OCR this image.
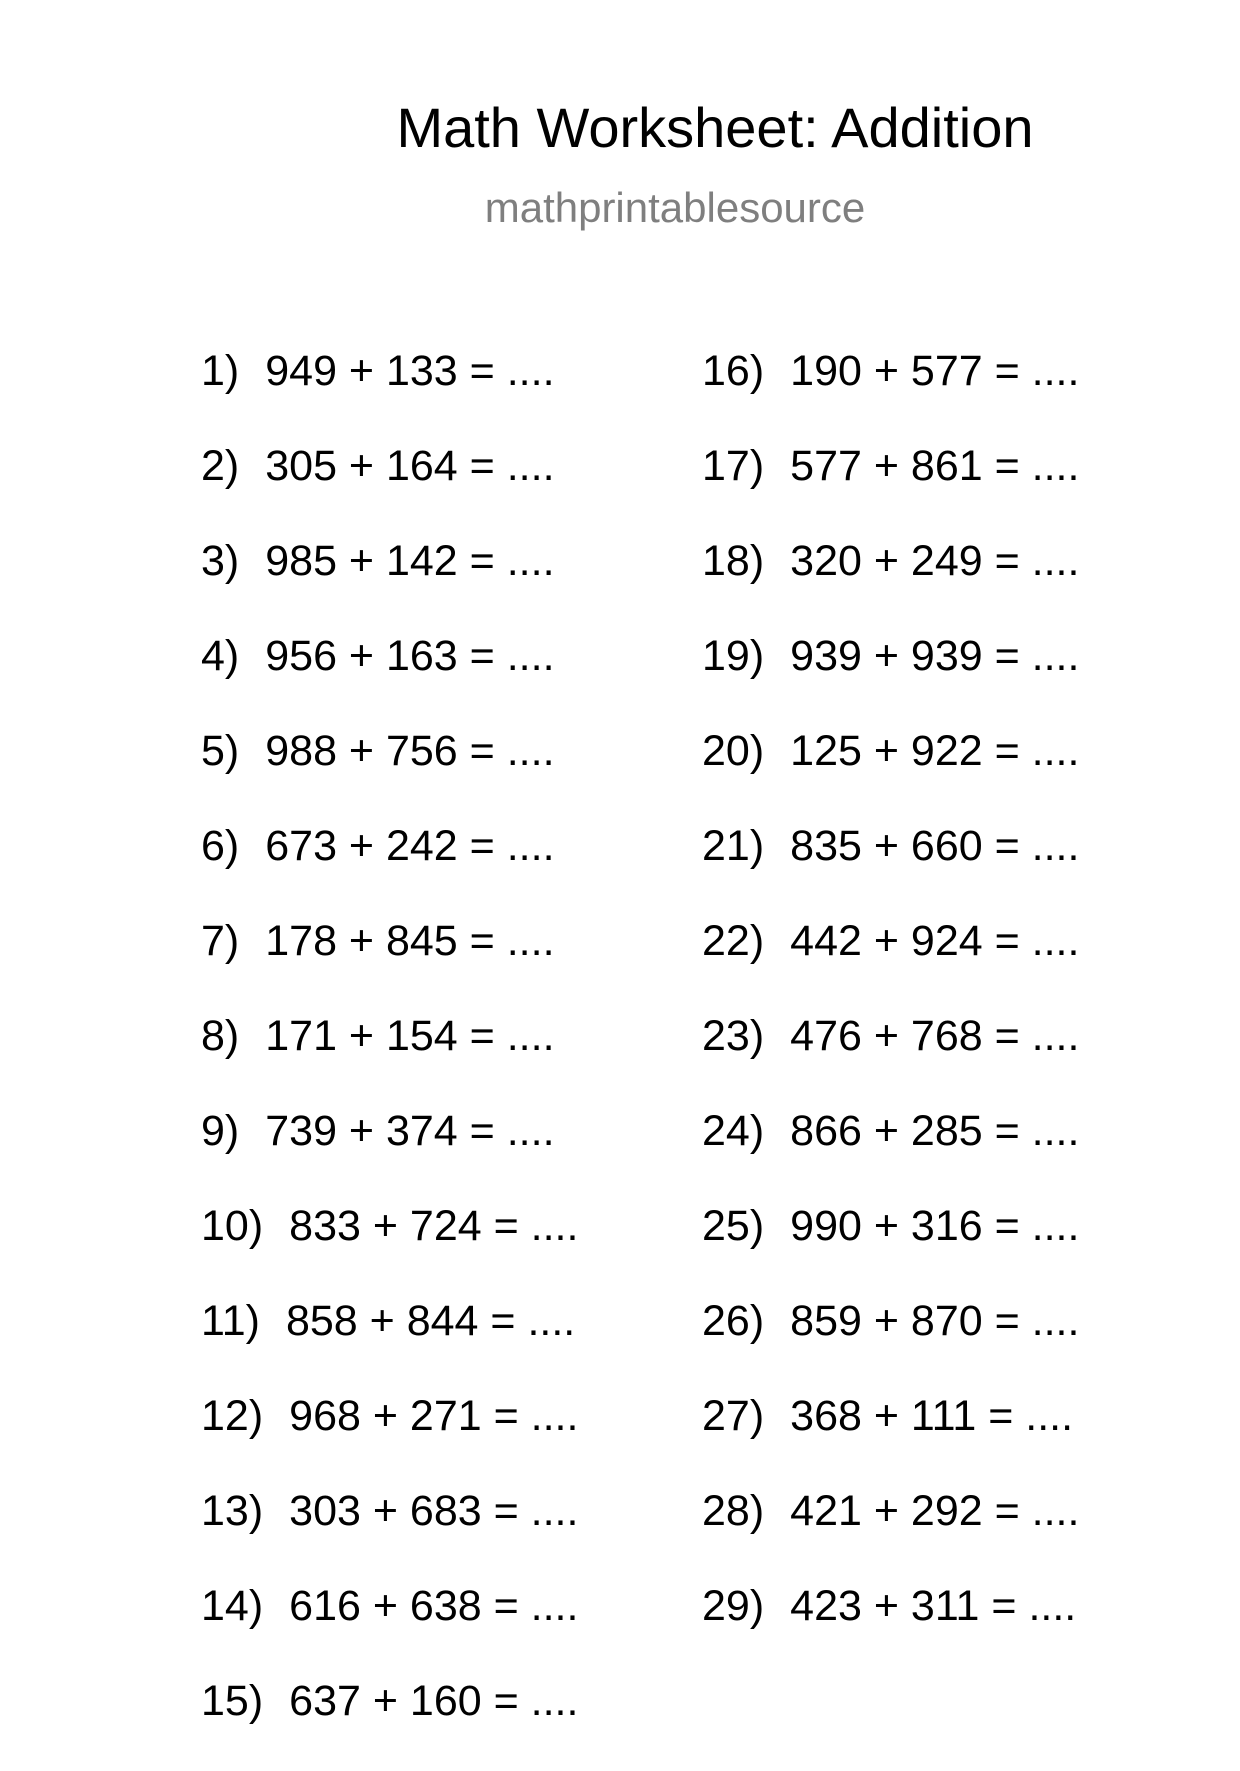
Math Worksheet: Addition
mathprintablesource
1) 949 + 133 = ....
2) 305 + 164 = ....
3) 985 + 142 = ....
4) 956 + 163 = ....
5) 988 + 756 = ....
6) 673 + 242 = ....
7) 178 + 845 = ....
8) 171 + 154 = ....
9) 739 + 374 = ....
10) 833 + 724 = ....
11) 858 + 844 = ....
12) 968 + 271 = ....
13) 303 + 683 = ....
14) 616 + 638 = ....
15) 637 + 160 = ....
16) 190 + 577 = ....
17) 577 + 861 = ....
18) 320 + 249 = ....
19) 939 + 939 = ....
20) 125 + 922 = ....
21) 835 + 660 = ....
22) 442 + 924 = ....
23) 476 + 768 = ....
24) 866 + 285 = ....
25) 990 + 316 = ....
26) 859 + 870 = ....
27) 368 + 111 = ....
28) 421 + 292 = ....
29) 423 + 311 = ....
